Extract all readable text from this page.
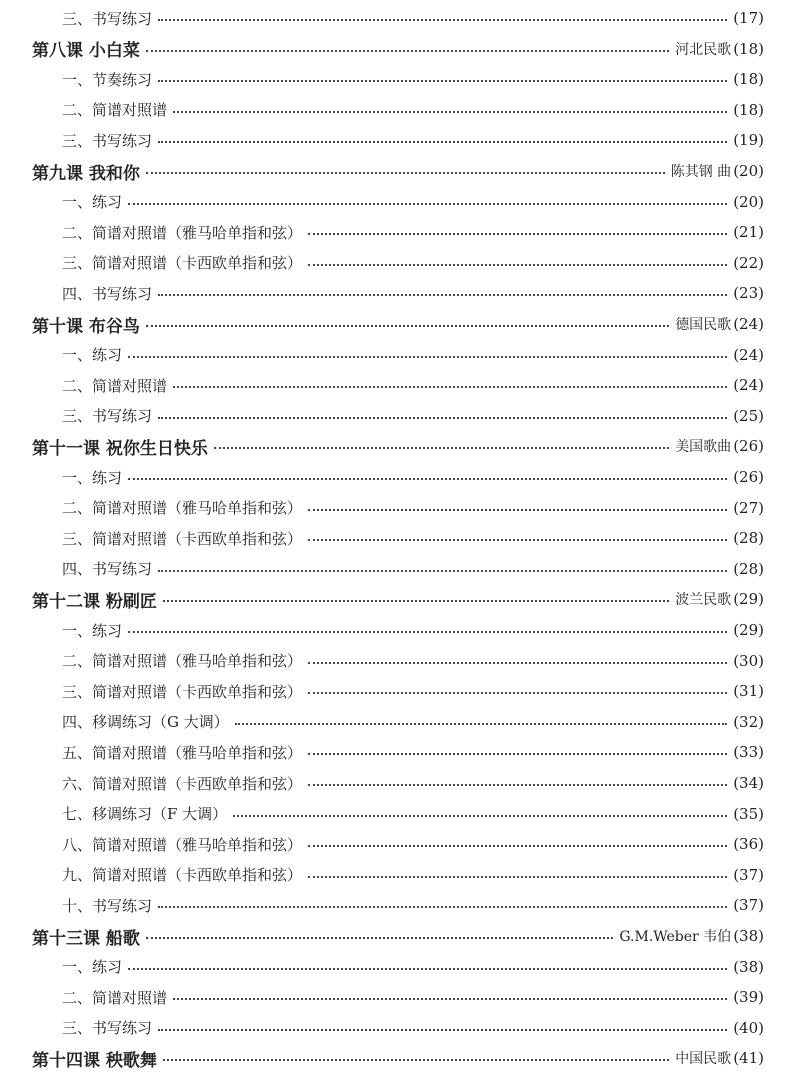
三、书写练习	( 17 )
第八课 小白菜	河北民歌 ( 18 )
一、节奏练习	( 18 )
二、简谱对照谱	( 18 )
三、书写练习	( 19 )
第九课 我和你	陈其钢 曲 ( 20 )
一、练习	( 20 )
二、简谱对照谱（雅马哈单指和弦）	( 21 )
三、简谱对照谱（卡西欧单指和弦）	( 22 )
四、书写练习	( 23 )
第十课 布谷鸟	德国民歌 ( 24 )
一、练习	( 24 )
二、简谱对照谱	( 24 )
三、书写练习	( 25 )
第十一课 祝你生日快乐	美国歌曲 ( 26 )
一、练习	( 26 )
二、简谱对照谱（雅马哈单指和弦）	( 27 )
三、简谱对照谱（卡西欧单指和弦）	( 28 )
四、书写练习	( 28 )
第十二课 粉刷匠	波兰民歌 ( 29 )
一、练习	( 29 )
二、简谱对照谱（雅马哈单指和弦）	( 30 )
三、简谱对照谱（卡西欧单指和弦）	( 31 )
四、移调练习（G 大调）	( 32 )
五、简谱对照谱（雅马哈单指和弦）	( 33 )
六、简谱对照谱（卡西欧单指和弦）	( 34 )
七、移调练习（F 大调）	( 35 )
八、简谱对照谱（雅马哈单指和弦）	( 36 )
九、简谱对照谱（卡西欧单指和弦）	( 37 )
十、书写练习	( 37 )
第十三课 船歌	G.M.Weber 韦伯 ( 38 )
一、练习	( 38 )
二、简谱对照谱	( 39 )
三、书写练习	( 40 )
第十四课 秧歌舞	中国民歌 ( 41 )
